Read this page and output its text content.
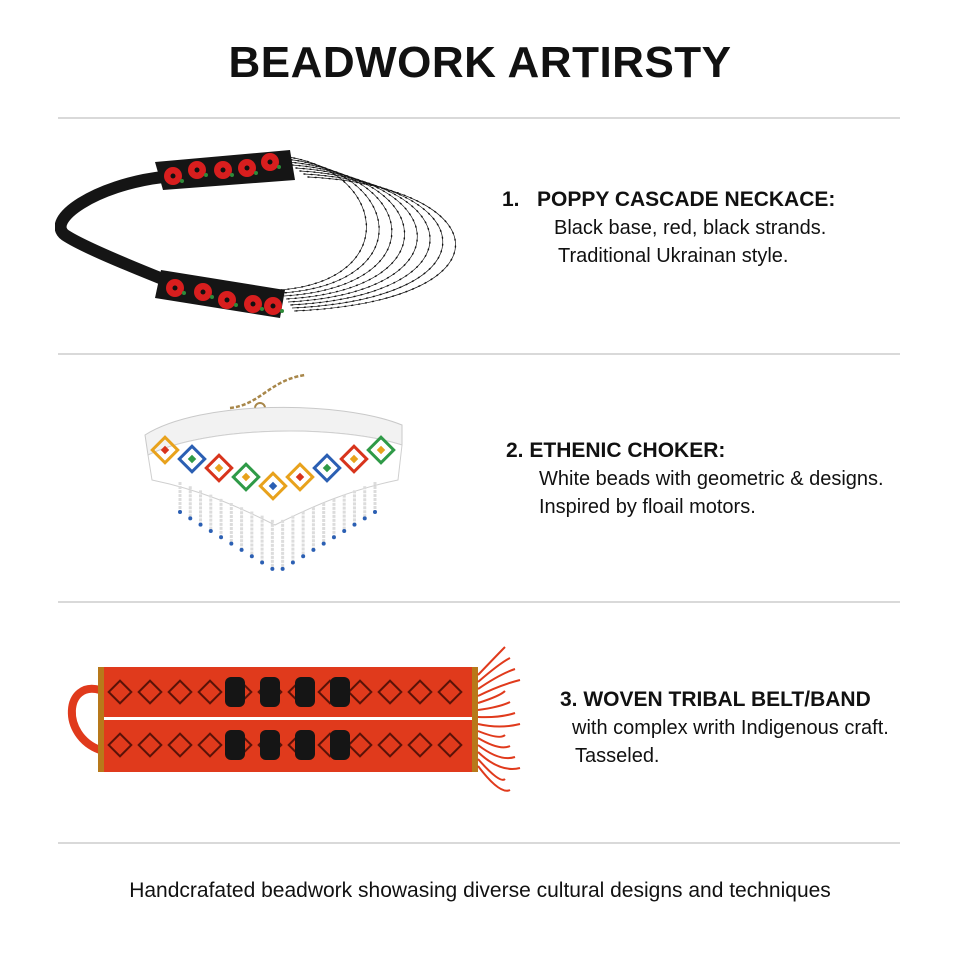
BEADWORK ARTIRSTY
1. POPPY CASCADE NECKACE:
Black base, red, black strands.
Traditional Ukrainan style.
2. ETHENIC CHOKER:
White beads with geometric & designs.
Inspired by floail motors.
3. WOVEN TRIBAL BELT/BAND
with complex writh Indigenous craft.
Tasseled.
Handcrafated beadwork showasing diverse cultural designs and techniques
